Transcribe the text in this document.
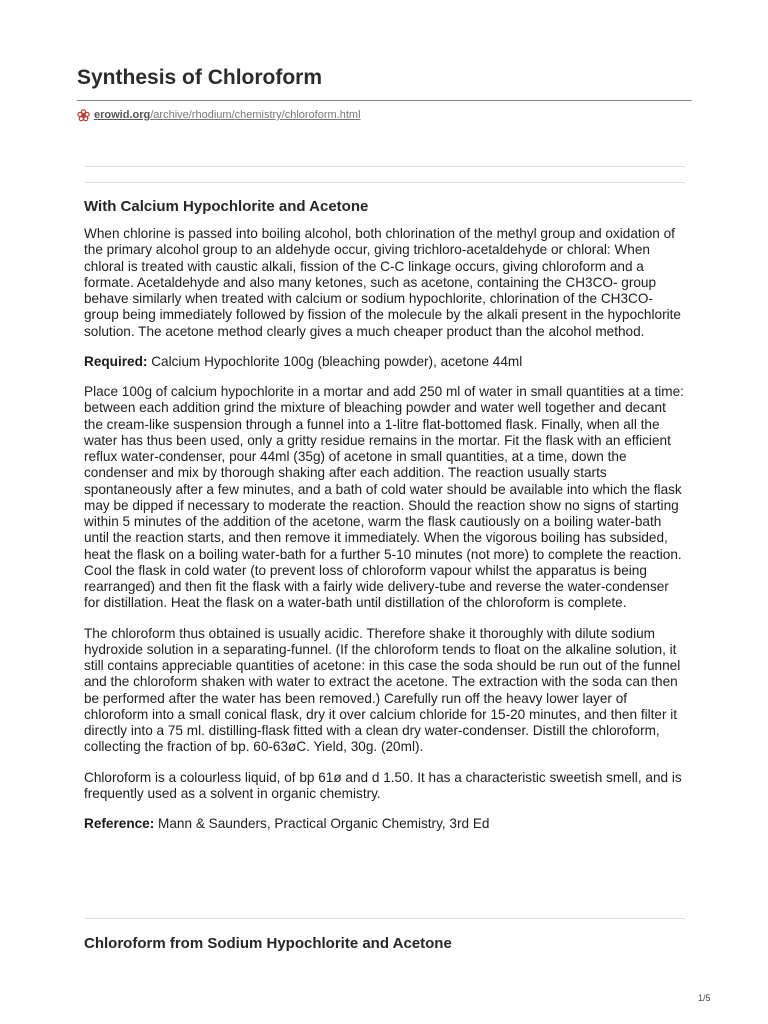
Synthesis of Chloroform
erowid.org /archive/rhodium/chemistry/chloroform.html
With Calcium Hypochlorite and Acetone

When chlorine is passed into boiling alcohol, both chlorination of the methyl group and oxidation of the primary alcohol group to an aldehyde occur, giving trichloro-acetaldehyde or chloral: When chloral is treated with caustic alkali, fission of the C-C linkage occurs, giving chloroform and a formate. Acetaldehyde and also many ketones, such as acetone, containing the CH3CO- group behave similarly when treated with calcium or sodium hypochlorite, chlorination of the CH3CO- group being immediately followed by fission of the molecule by the alkali present in the hypochlorite solution. The acetone method clearly gives a much cheaper product than the alcohol method.

Required: Calcium Hypochlorite 100g (bleaching powder), acetone 44ml

Place 100g of calcium hypochlorite in a mortar and add 250 ml of water in small quantities at a time: between each addition grind the mixture of bleaching powder and water well together and decant the cream-like suspension through a funnel into a 1-litre flat-bottomed flask. Finally, when all the water has thus been used, only a gritty residue remains in the mortar. Fit the flask with an efficient reflux water-condenser, pour 44ml (35g) of acetone in small quantities, at a time, down the condenser and mix by thorough shaking after each addition. The reaction usually starts spontaneously after a few minutes, and a bath of cold water should be available into which the flask may be dipped if necessary to moderate the reaction. Should the reaction show no signs of starting within 5 minutes of the addition of the acetone, warm the flask cautiously on a boiling water-bath until the reaction starts, and then remove it immediately. When the vigorous boiling has subsided, heat the flask on a boiling water-bath for a further 5-10 minutes (not more) to complete the reaction. Cool the flask in cold water (to prevent loss of chloroform vapour whilst the apparatus is being rearranged) and then fit the flask with a fairly wide delivery-tube and reverse the water-condenser for distillation. Heat the flask on a water-bath until distillation of the chloroform is complete.

The chloroform thus obtained is usually acidic. Therefore shake it thoroughly with dilute sodium hydroxide solution in a separating-funnel. (If the chloroform tends to float on the alkaline solution, it still contains appreciable quantities of acetone: in this case the soda should be run out of the funnel and the chloroform shaken with water to extract the acetone. The extraction with the soda can then be performed after the water has been removed.) Carefully run off the heavy lower layer of chloroform into a small conical flask, dry it over calcium chloride for 15-20 minutes, and then filter it directly into a 75 ml. distilling-flask fitted with a clean dry water-condenser. Distill the chloroform, collecting the fraction of bp. 60-63øC. Yield, 30g. (20ml).

Chloroform is a colourless liquid, of bp 61ø and d 1.50. It has a characteristic sweetish smell, and is frequently used as a solvent in organic chemistry.

Reference: Mann & Saunders, Practical Organic Chemistry, 3rd Ed

Chloroform from Sodium Hypochlorite and Acetone
1/5
